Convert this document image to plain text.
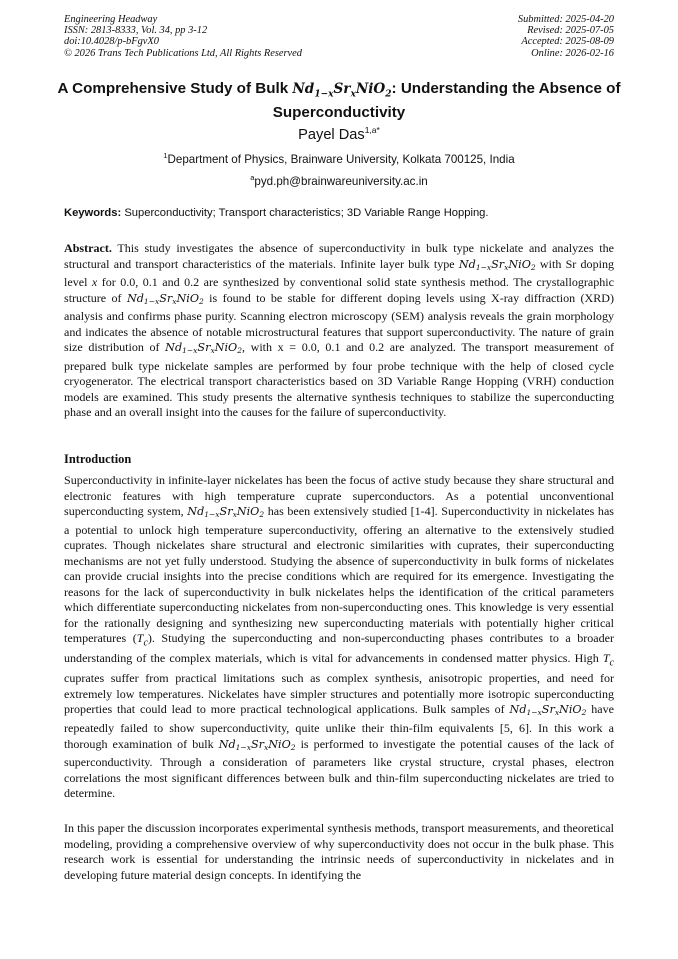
Engineering Headway
ISSN: 2813-8333, Vol. 34, pp 3-12
doi:10.4028/p-bFgvX0
© 2026 Trans Tech Publications Ltd, All Rights Reserved
Submitted: 2025-04-20
Revised: 2025-07-05
Accepted: 2025-08-09
Online: 2026-02-16
A Comprehensive Study of Bulk $Nd_{1-x}Sr_xNiO_2$: Understanding the Absence of Superconductivity
Payel Das$^{1,a*}$
$^1$Department of Physics, Brainware University, Kolkata 700125, India
$^a$pyd.ph@brainwareuniversity.ac.in
Keywords: Superconductivity; Transport characteristics; 3D Variable Range Hopping.
Abstract. This study investigates the absence of superconductivity in bulk type nickelate and analyzes the structural and transport characteristics of the materials. Infinite layer bulk type $Nd_{1-x}Sr_xNiO_2$ with Sr doping level x for 0.0, 0.1 and 0.2 are synthesized by conventional solid state synthesis method. The crystallographic structure of $Nd_{1-x}Sr_xNiO_2$ is found to be stable for different doping levels using X-ray diffraction (XRD) analysis and confirms phase purity. Scanning electron microscopy (SEM) analysis reveals the grain morphology and indicates the absence of notable microstructural features that support superconductivity. The nature of grain size distribution of $Nd_{1-x}Sr_xNiO_2$, with x = 0.0, 0.1 and 0.2 are analyzed. The transport measurement of prepared bulk type nickelate samples are performed by four probe technique with the help of closed cycle cryogenerator. The electrical transport characteristics based on 3D Variable Range Hopping (VRH) conduction models are examined. This study presents the alternative synthesis techniques to stabilize the superconducting phase and an overall insight into the causes for the failure of superconductivity.
Introduction
Superconductivity in infinite-layer nickelates has been the focus of active study because they share structural and electronic features with high temperature cuprate superconductors. As a potential unconventional superconducting system, $Nd_{1-x}Sr_xNiO_2$ has been extensively studied [1-4]. Superconductivity in nickelates has a potential to unlock high temperature superconductivity, offering an alternative to the extensively studied cuprates. Though nickelates share structural and electronic similarities with cuprates, their superconducting mechanisms are not yet fully understood. Studying the absence of superconductivity in bulk forms of nickelates can provide crucial insights into the precise conditions which are required for its emergence. Investigating the reasons for the lack of superconductivity in bulk nickelates helps the identification of the critical parameters which differentiate superconducting nickelates from non-superconducting ones. This knowledge is very essential for the rationally designing and synthesizing new superconducting materials with potentially higher critical temperatures $(T_c)$. Studying the superconducting and non-superconducting phases contributes to a broader understanding of the complex materials, which is vital for advancements in condensed matter physics. High $T_c$ cuprates suffer from practical limitations such as complex synthesis, anisotropic properties, and need for extremely low temperatures. Nickelates have simpler structures and potentially more isotropic superconducting properties that could lead to more practical technological applications. Bulk samples of $Nd_{1-x}Sr_xNiO_2$ have repeatedly failed to show superconductivity, quite unlike their thin-film equivalents [5, 6]. In this work a thorough examination of bulk $Nd_{1-x}Sr_xNiO_2$ is performed to investigate the potential causes of the lack of superconductivity. Through a consideration of parameters like crystal structure, crystal phases, electron correlations the most significant differences between bulk and thin-film superconducting nickelates are tried to determine.
In this paper the discussion incorporates experimental synthesis methods, transport measurements, and theoretical modeling, providing a comprehensive overview of why superconductivity does not occur in the bulk phase. This research work is essential for understanding the intrinsic needs of superconductivity in nickelates and in developing future material design concepts. In identifying the
